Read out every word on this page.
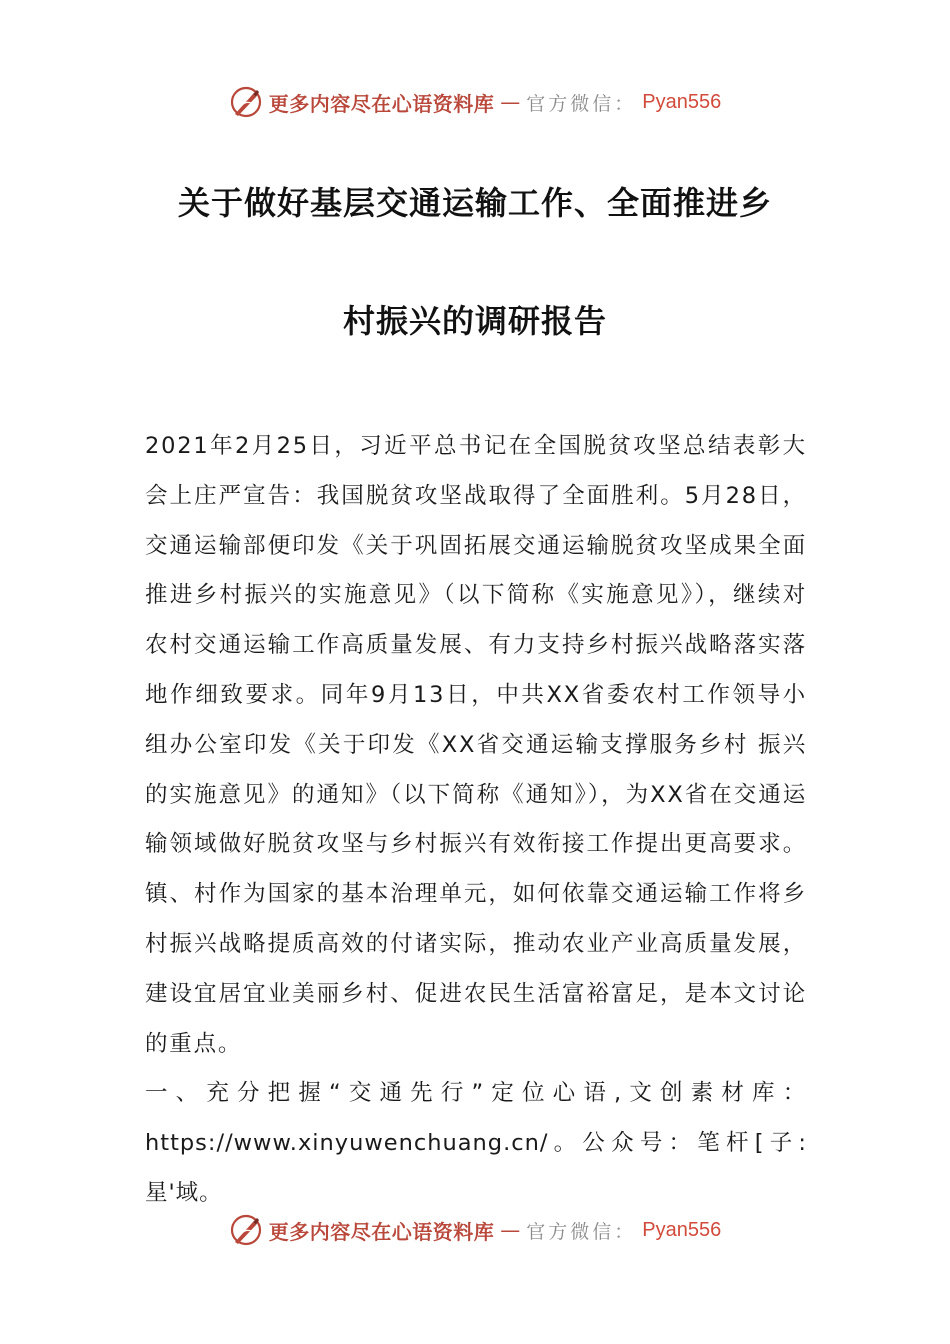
更多内容尽在心语资料库 — 官方微信： Pyan556
关于做好基层交通运输工作、全面推进乡
村振兴的调研报告

2021年2月25日，习近平总书记在全国脱贫攻坚总结表彰大会上庄严宣告：我国脱贫攻坚战取得了全面胜利。5月28日，交通运输部便印发《关于巩固拓展交通运输脱贫攻坚成果全面推进乡村振兴的实施意见》（以下简称《实施意见》），继续对农村交通运输工作高质量发展、有力支持乡村振兴战略落实落地作细致要求。同年9月13日，中共XX省委农村工作领导小组办公室印发《关于印发《XX省交通运输支撑服务乡村 振兴的实施意见》的通知》（以下简称《通知》），为XX省在交通运输领域做好脱贫攻坚与乡村振兴有效衔接工作提出更高要求。镇、村作为国家的基本治理单元，如何依靠交通运输工作将乡村振兴战略提质高效的付诸实际，推动农业产业高质量发展，建设宜居宜业美丽乡村、促进农民生活富裕富足，是本文讨论的重点。

一、充分把握“交通先行”定位心语,文创素材库：

https://www.xinyuwenchuang.cn/。公众号：笔杆[子:星'域。

更多内容尽在心语资料库 — 官方微信： Pyan556
